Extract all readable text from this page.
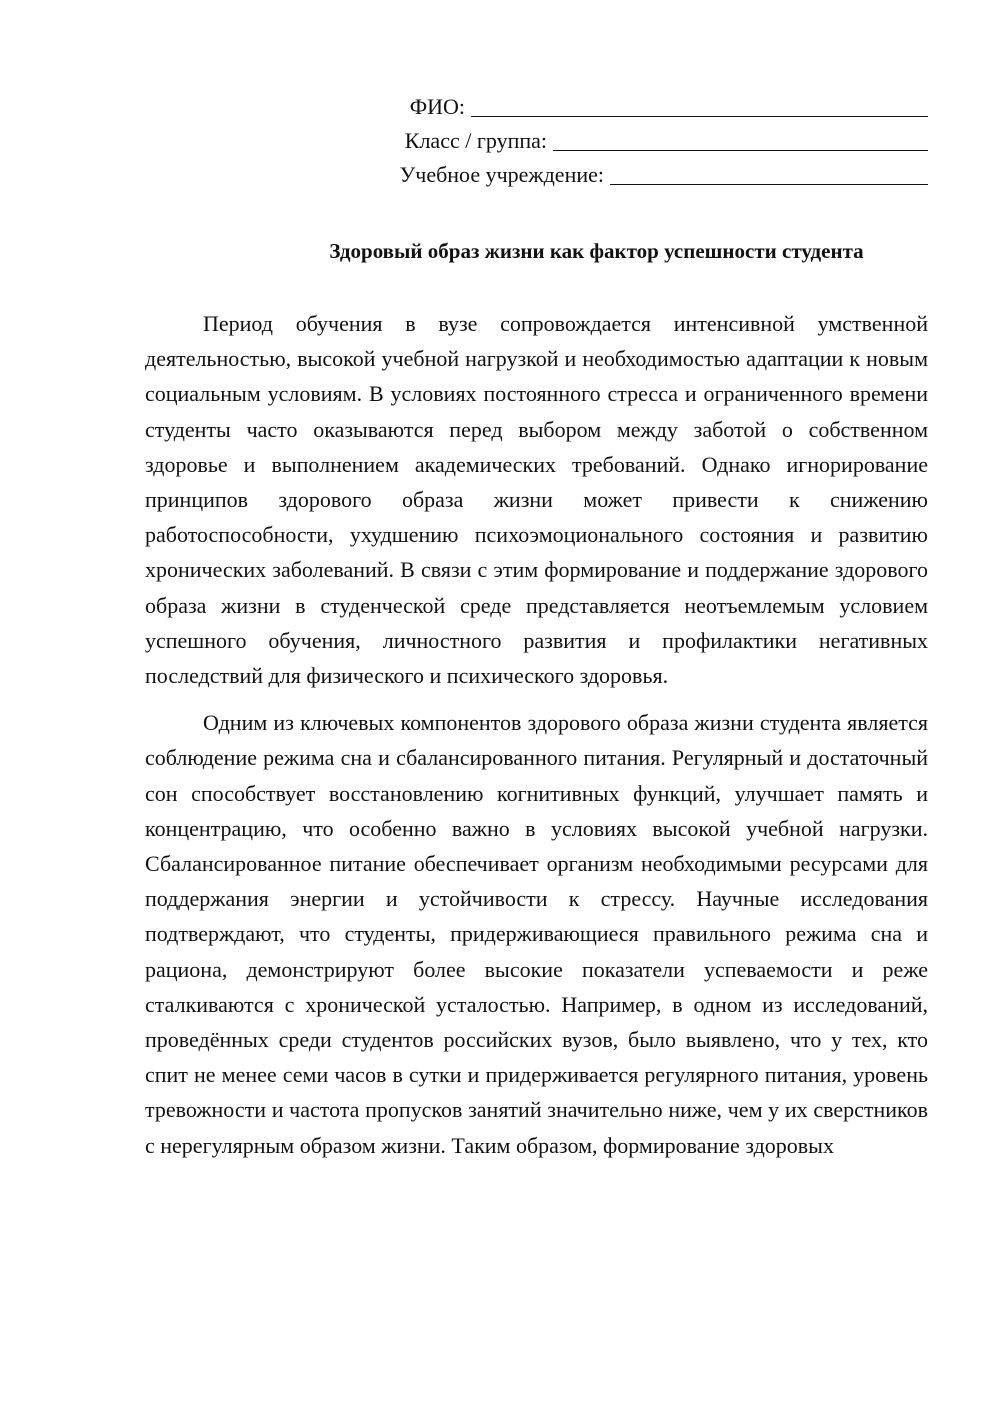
ФИО:
Класс / группа:
Учебное учреждение:
Здоровый образ жизни как фактор успешности студента

Период обучения в вузе сопровождается интенсивной умственной деятельностью, высокой учебной нагрузкой и необходимостью адаптации к новым социальным условиям. В условиях постоянного стресса и ограниченного времени студенты часто оказываются перед выбором между заботой о собственном здоровье и выполнением академических требований. Однако игнорирование принципов здорового образа жизни может привести к снижению работоспособности, ухудшению психоэмоционального состояния и развитию хронических заболеваний. В связи с этим формирование и поддержание здорового образа жизни в студенческой среде представляется неотъемлемым условием успешного обучения, личностного развития и профилактики негативных последствий для физического и психического здоровья.

Одним из ключевых компонентов здорового образа жизни студента является соблюдение режима сна и сбалансированного питания. Регулярный и достаточный сон способствует восстановлению когнитивных функций, улучшает память и концентрацию, что особенно важно в условиях высокой учебной нагрузки. Сбалансированное питание обеспечивает организм необходимыми ресурсами для поддержания энергии и устойчивости к стрессу. Научные исследования подтверждают, что студенты, придерживающиеся правильного режима сна и рациона, демонстрируют более высокие показатели успеваемости и реже сталкиваются с хронической усталостью. Например, в одном из исследований, проведённых среди студентов российских вузов, было выявлено, что у тех, кто спит не менее семи часов в сутки и придерживается регулярного питания, уровень тревожности и частота пропусков занятий значительно ниже, чем у их сверстников с нерегулярным образом жизни. Таким образом, формирование здоровых
